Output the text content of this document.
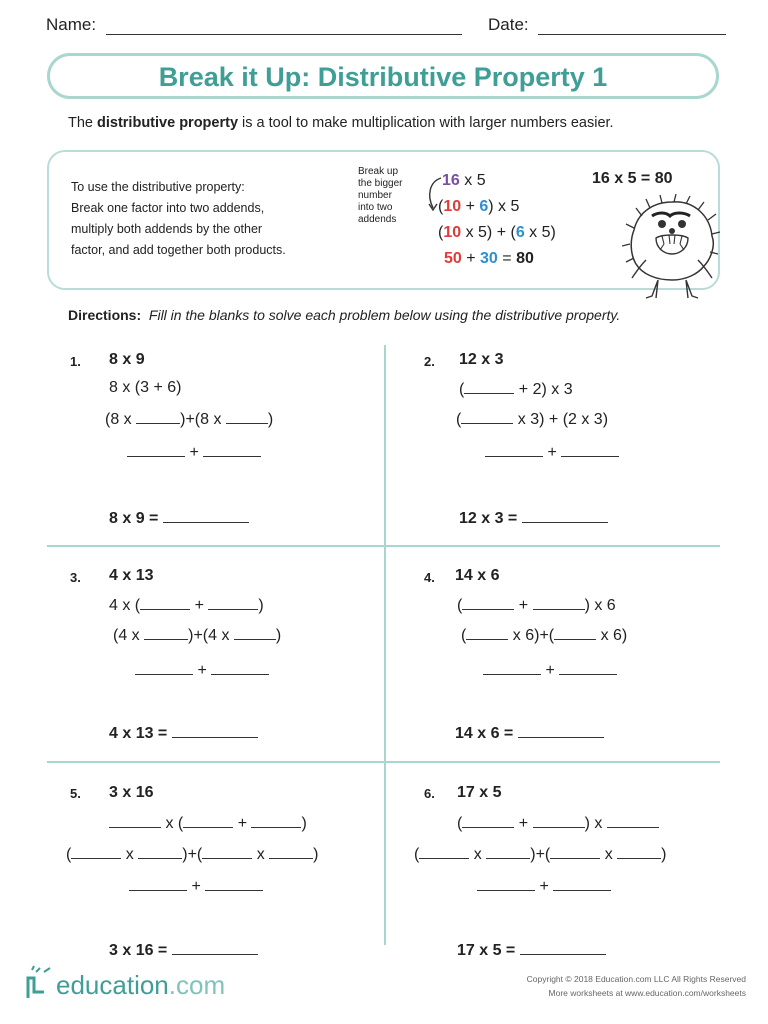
Name:	Date:
Break it Up: Distributive Property 1
The distributive property is a tool to make multiplication with larger numbers easier.
To use the distributive property:
Break one factor into two addends,
multiply both addends by the other
factor, and add together both products.
Break up
the bigger
number
into two
addends
16 x 5
(10 + 6) x 5
(10 x 5) + (6 x 5)
50 + 30 = 80
16 x 5 = 80
Directions: Fill in the blanks to solve each problem below using the distributive property.
1. 8 x 9
8 x (3 + 6)
(8 x	)+(8 x	)
+
8 x 9 =
2. 12 x 3
(	+ 2) x 3
(	x 3) + (2 x 3)
+
12 x 3 =
3. 4 x 13
4 x (	+	)
(4 x	)+(4 x	)
+
4 x 13 =
4. 14 x 6
(	+	) x 6
(	x 6)+(	x 6)
+
14 x 6 =
5. 3 x 16
x (	+	)
(	x	)+(	x	)
+
3 x 16 =
6. 17 x 5
(	+	) x
(	x	)+(	x	)
+
17 x 5 =
education.com	Copyright © 2018 Education.com LLC All Rights Reserved
More worksheets at www.education.com/worksheets
